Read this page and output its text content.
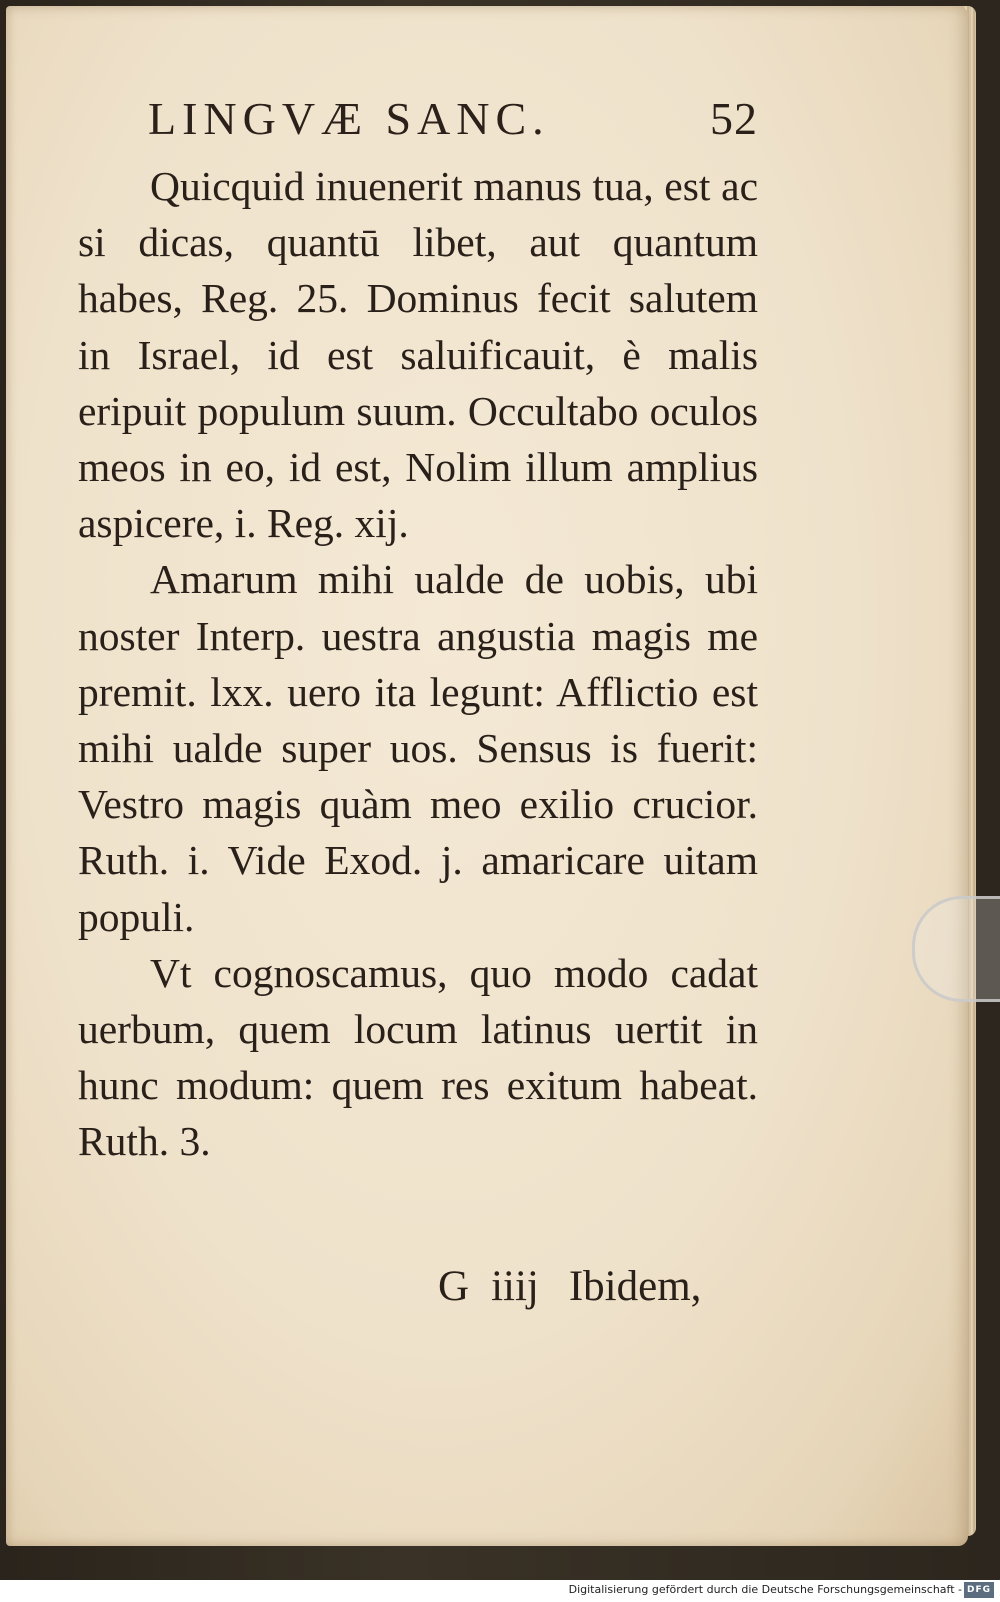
LINGVÆ SANC.	52

Quicquid inuenerit manus tua, est ac si dicas, quantū libet, aut quantum habes, Reg. 25. Dominus fecit salutem in Israel, id est saluificauit, è malis eripuit populum suum. Occultabo oculos meos in eo, id est, Nolim illum amplius aspicere, i. Reg. xij.

Amarum mihi ualde de uobis, ubi noster Interp. uestra angustia magis me premit. lxx. uero ita legunt: Afflictio est mihi ualde super uos. Sensus is fuerit: Vestro magis quàm meo exilio crucior. Ruth. i. Vide Exod. j. amaricare uitam populi.

Vt cognoscamus, quo modo cadat uerbum, quem locum latinus uertit in hunc modum: quem res exitum habeat. Ruth. 3.

G iiij Ibidem,
Digitalisierung gefördert durch die Deutsche Forschungsgemeinschaft - DFG
